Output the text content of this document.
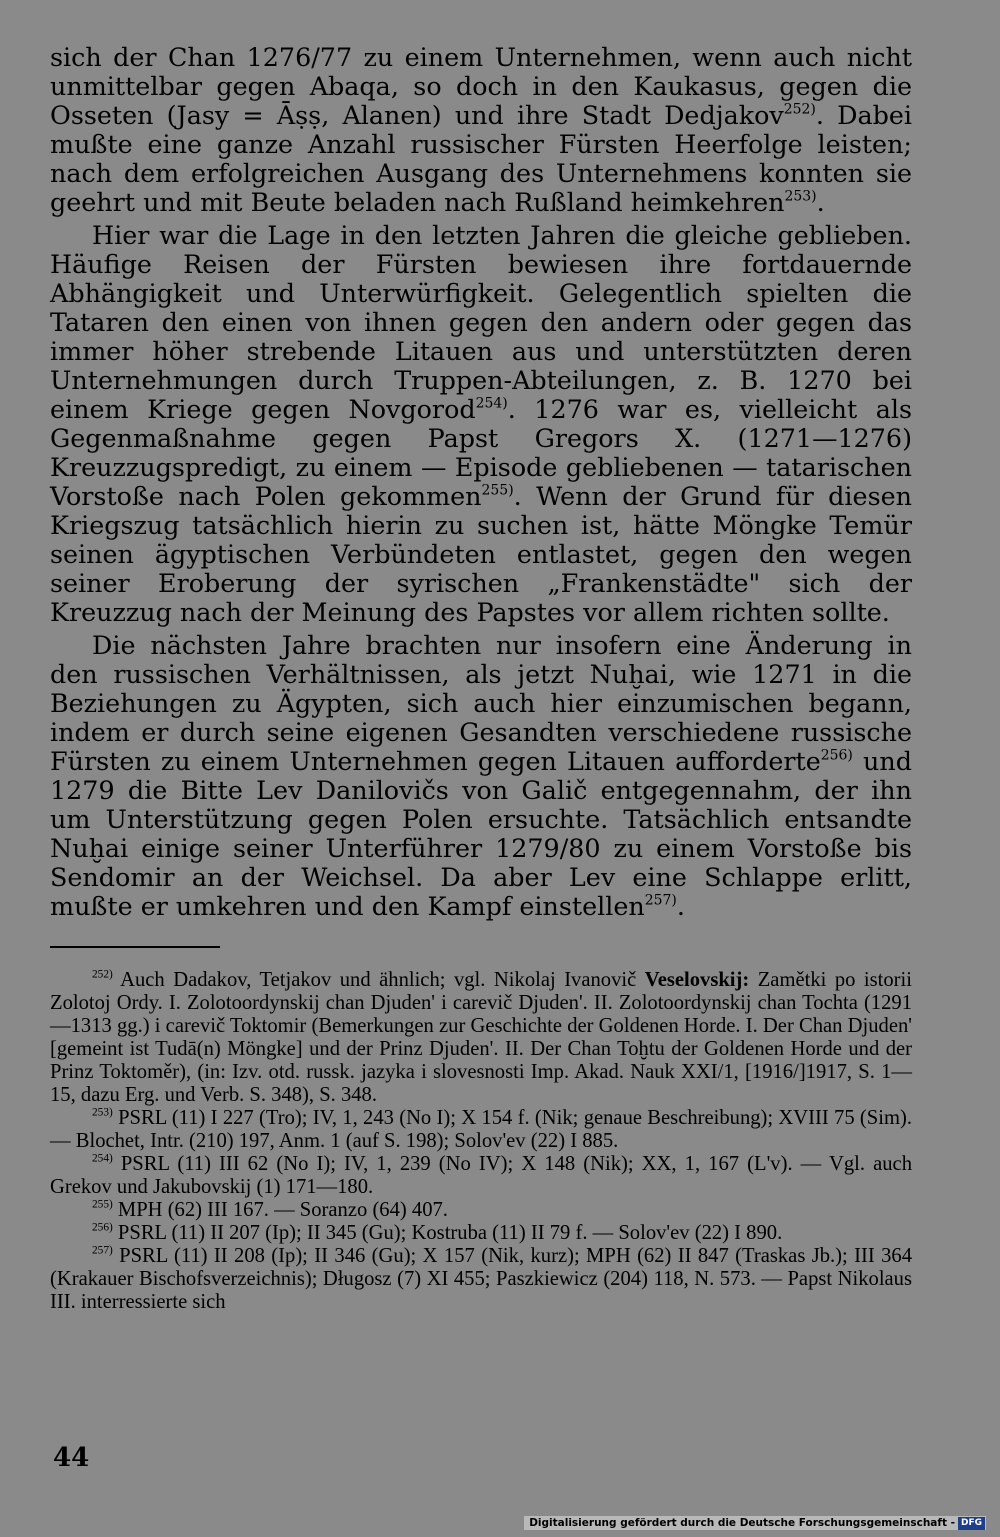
sich der Chan 1276/77 zu einem Unternehmen, wenn auch nicht unmittelbar gegen Abaqa, so doch in den Kaukasus, gegen die Osseten (Jasy = Āṣṣ, Alanen) und ihre Stadt Dedjakov$^{252)}$. Dabei mußte eine ganze Anzahl russischer Fürsten Heerfolge leisten; nach dem erfolgreichen Ausgang des Unternehmens konnten sie geehrt und mit Beute beladen nach Rußland heimkehren$^{253)}$.

Hier war die Lage in den letzten Jahren die gleiche geblieben. Häufige Reisen der Fürsten bewiesen ihre fortdauernde Abhängigkeit und Unterwürfigkeit. Gelegentlich spielten die Tataren den einen von ihnen gegen den andern oder gegen das immer höher strebende Litauen aus und unterstützten deren Unternehmungen durch Truppen-Abteilungen, z. B. 1270 bei einem Kriege gegen Novgorod$^{254)}$. 1276 war es, vielleicht als Gegenmaßnahme gegen Papst Gregors X. (1271—1276) Kreuzzugspredigt, zu einem — Episode gebliebenen — tatarischen Vorstoße nach Polen gekommen$^{255)}$. Wenn der Grund für diesen Kriegszug tatsächlich hierin zu suchen ist, hätte Möngke Temür seinen ägyptischen Verbündeten entlastet, gegen den wegen seiner Eroberung der syrischen „Frankenstädte" sich der Kreuzzug nach der Meinung des Papstes vor allem richten sollte.

Die nächsten Jahre brachten nur insofern eine Änderung in den russischen Verhältnissen, als jetzt Nuḫai, wie 1271 in die Beziehungen zu Ägypten, sich auch hier einzumischen begann, indem er durch seine eigenen Gesandten verschiedene russische Fürsten zu einem Unternehmen gegen Litauen aufforderte$^{256)}$ und 1279 die Bitte Lev Danilovičs von Galič entgegennahm, der ihn um Unterstützung gegen Polen ersuchte. Tatsächlich entsandte Nuḫai einige seiner Unterführer 1279/80 zu einem Vorstoße bis Sendomir an der Weichsel. Da aber Lev eine Schlappe erlitt, mußte er umkehren und den Kampf einstellen$^{257)}$.

$^{252)}$ Auch Dadakov, Tetjakov und ähnlich; vgl. Nikolaj Ivanovič Veselovskij: Zamětki po istorii Zolotoj Ordy. I. Zolotoordynskij chan Djuden' i carevič Djuden'. II. Zolotoordynskij chan Tochta (1291—1313 gg.) i carevič Toktomir (Bemerkungen zur Geschichte der Goldenen Horde. I. Der Chan Djuden' [gemeint ist Tudā(n) Möngke] und der Prinz Djuden'. II. Der Chan Toḫtu der Goldenen Horde und der Prinz Toktoměr), (in: Izv. otd. russk. jazyka i slovesnosti Imp. Akad. Nauk XXI/1, [1916/]1917, S. 1—15, dazu Erg. und Verb. S. 348), S. 348.

$^{253)}$ PSRL (11) I 227 (Tro); IV, 1, 243 (No I); X 154 f. (Nik; genaue Beschreibung); XVIII 75 (Sim). — Blochet, Intr. (210) 197, Anm. 1 (auf S. 198); Solov'ev (22) I 885.

$^{254)}$ PSRL (11) III 62 (No I); IV, 1, 239 (No IV); X 148 (Nik); XX, 1, 167 (L'v). — Vgl. auch Grekov und Jakubovskij (1) 171—180.

$^{255)}$ MPH (62) III 167. — Soranzo (64) 407.

$^{256)}$ PSRL (11) II 207 (Ip); II 345 (Gu); Kostruba (11) II 79 f. — Solov'ev (22) I 890.

$^{257)}$ PSRL (11) II 208 (Ip); II 346 (Gu); X 157 (Nik, kurz); MPH (62) II 847 (Traskas Jb.); III 364 (Krakauer Bischofsverzeichnis); Długosz (7) XI 455; Paszkiewicz (204) 118, N. 573. — Papst Nikolaus III. interressierte sich

44
Digitalisierung gefördert durch die Deutsche Forschungsgemeinschaft - DFG
